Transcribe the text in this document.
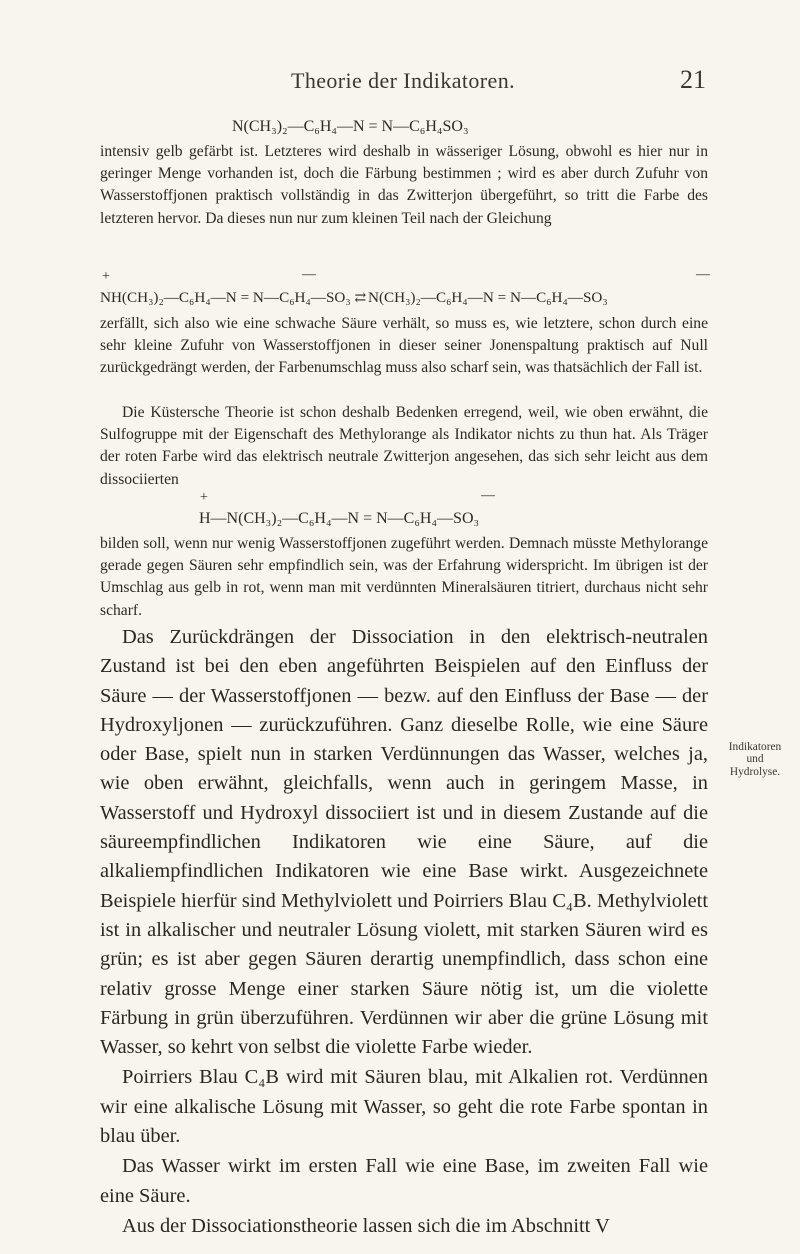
Theorie der Indikatoren.	21
N(CH₃)₂—C₆H₄—N = N—C₆H₄SO₃

intensiv gelb gefärbt ist. Letzteres wird deshalb in wässeriger Lösung, obwohl es hier nur in geringer Menge vorhanden ist, doch die Färbung bestimmen ; wird es aber durch Zufuhr von Wasserstoffjonen praktisch vollständig in das Zwitterjon übergeführt, so tritt die Farbe des letzteren hervor. Da dieses nun nur zum kleinen Teil nach der Gleichung

+	—	—
NH(CH₃)₂—C₆H₄—N = N—C₆H₄—SO₃ ⇄ N(CH₃)₂—C₆H₄—N = N—C₆H₄—SO₃

zerfällt, sich also wie eine schwache Säure verhält, so muss es, wie letztere, schon durch eine sehr kleine Zufuhr von Wasserstoffjonen in dieser seiner Jonenspaltung praktisch auf Null zurückgedrängt werden, der Farbenumschlag muss also scharf sein, was thatsächlich der Fall ist.

Die Küstersche Theorie ist schon deshalb Bedenken erregend, weil, wie oben erwähnt, die Sulfogruppe mit der Eigenschaft des Methylorange als Indikator nichts zu thun hat. Als Träger der roten Farbe wird das elektrisch neutrale Zwitterjon angesehen, das sich sehr leicht aus dem dissociierten

+	—
H—N(CH₃)₂—C₆H₄—N = N—C₆H₄—SO₃

bilden soll, wenn nur wenig Wasserstoffjonen zugeführt werden. Demnach müsste Methylorange gerade gegen Säuren sehr empfindlich sein, was der Erfahrung widerspricht. Im übrigen ist der Umschlag aus gelb in rot, wenn man mit verdünnten Mineralsäuren titriert, durchaus nicht sehr scharf.

Indikatoren
und
Hydrolyse.

Das Zurückdrängen der Dissociation in den elektrisch-neutralen Zustand ist bei den eben angeführten Beispielen auf den Einfluss der Säure — der Wasserstoffjonen — bezw. auf den Einfluss der Base — der Hydroxyljonen — zurückzuführen. Ganz dieselbe Rolle, wie eine Säure oder Base, spielt nun in starken Verdünnungen das Wasser, welches ja, wie oben erwähnt, gleichfalls, wenn auch in geringem Masse, in Wasserstoff und Hydroxyl dissociiert ist und in diesem Zustande auf die säureempfindlichen Indikatoren wie eine Säure, auf die alkaliempfindlichen Indikatoren wie eine Base wirkt. Ausgezeichnete Beispiele hierfür sind Methylviolett und Poirriers Blau C₄B. Methylviolett ist in alkalischer und neutraler Lösung violett, mit starken Säuren wird es grün; es ist aber gegen Säuren derartig unempfindlich, dass schon eine relativ grosse Menge einer starken Säure nötig ist, um die violette Färbung in grün überzuführen. Verdünnen wir aber die grüne Lösung mit Wasser, so kehrt von selbst die violette Farbe wieder.

Poirriers Blau C₄B wird mit Säuren blau, mit Alkalien rot. Verdünnen wir eine alkalische Lösung mit Wasser, so geht die rote Farbe spontan in blau über.

Das Wasser wirkt im ersten Fall wie eine Base, im zweiten Fall wie eine Säure.

Aus der Dissociationstheorie lassen sich die im Abschnitt V
